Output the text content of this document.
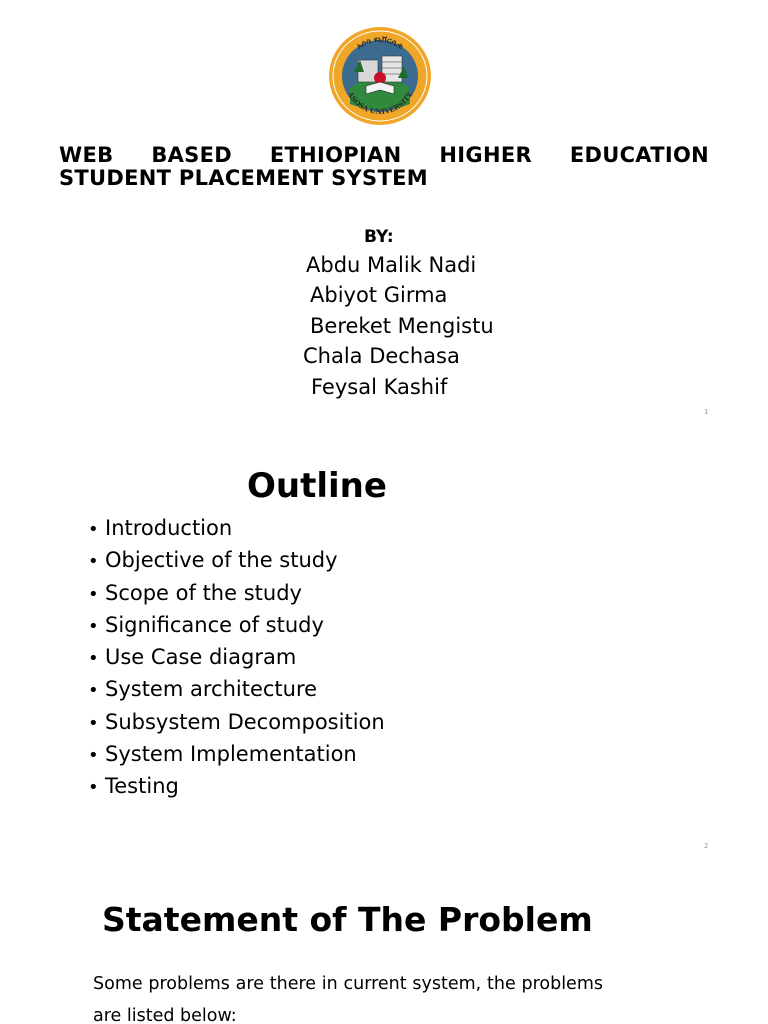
አሶሳ ዩኒቨርሲቲ
ASOSA UNIVERSITY
WEB BASED ETHIOPIAN HIGHER EDUCATION
STUDENT PLACEMENT SYSTEM
BY:
Abdu Malik Nadi
Abiyot Girma
Bereket Mengistu
Chala Dechasa
Feysal Kashif
1
Outline
• Introduction
• Objective of the study
• Scope of the study
• Significance of study
• Use Case diagram
• System architecture
• Subsystem Decomposition
• System Implementation
• Testing
2
Statement of The Problem
Some problems are there in current system, the problems are listed below:
